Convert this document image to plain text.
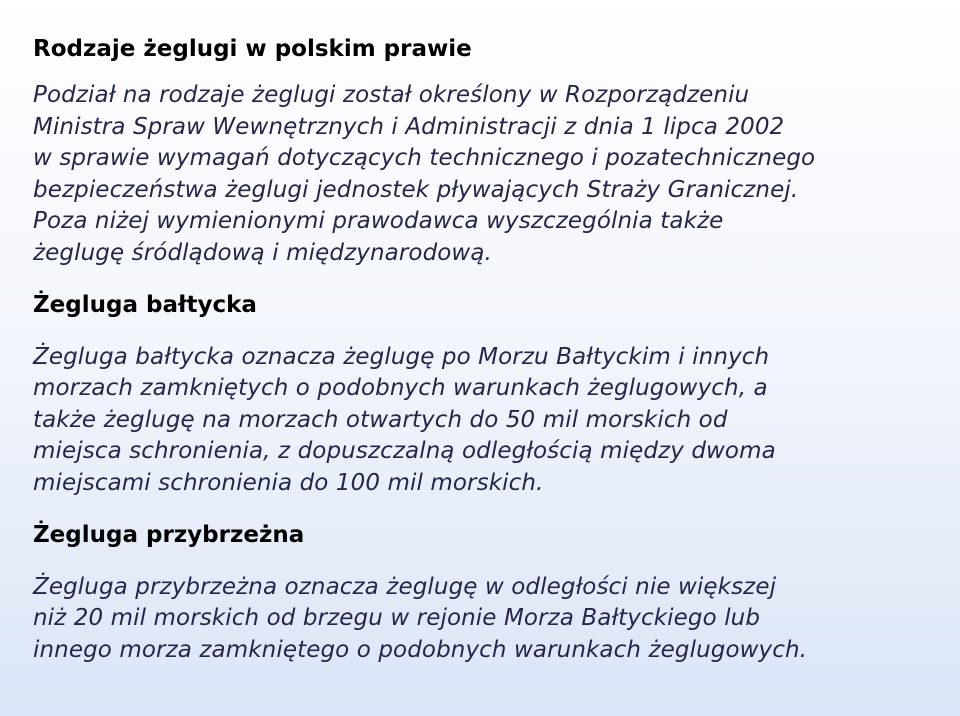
Rodzaje żeglugi w polskim prawie

Podział na rodzaje żeglugi został określony w Rozporządzeniu
Ministra Spraw Wewnętrznych i Administracji z dnia 1 lipca 2002
w sprawie wymagań dotyczących technicznego i pozatechnicznego
bezpieczeństwa żeglugi jednostek pływających Straży Granicznej.
Poza niżej wymienionymi prawodawca wyszczególnia także
żeglugę śródlądową i międzynarodową.

Żegluga bałtycka

Żegluga bałtycka oznacza żeglugę po Morzu Bałtyckim i innych
morzach zamkniętych o podobnych warunkach żeglugowych, a
także żeglugę na morzach otwartych do 50 mil morskich od
miejsca schronienia, z dopuszczalną odległością między dwoma
miejscami schronienia do 100 mil morskich.

Żegluga przybrzeżna

Żegluga przybrzeżna oznacza żeglugę w odległości nie większej
niż 20 mil morskich od brzegu w rejonie Morza Bałtyckiego lub
innego morza zamkniętego o podobnych warunkach żeglugowych.
